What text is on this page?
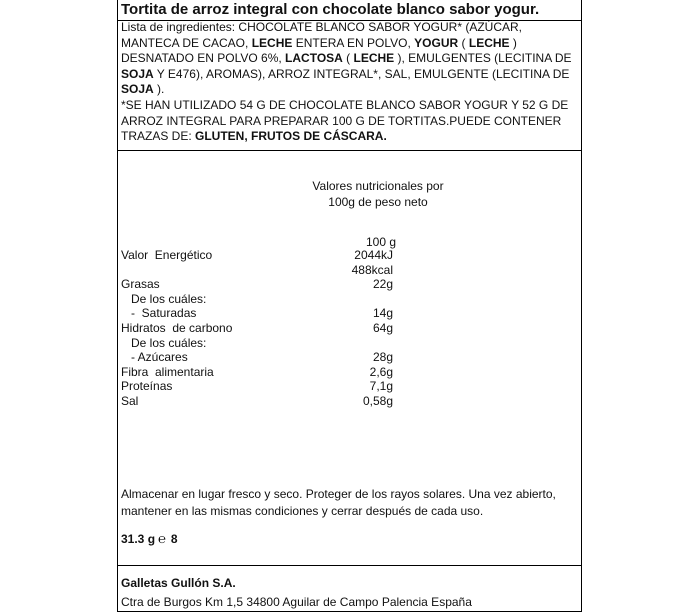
Tortita de arroz integral con chocolate blanco sabor yogur.
Lista de ingredientes: CHOCOLATE BLANCO SABOR YOGUR* (AZÚCAR, MANTECA DE CACAO, LECHE ENTERA EN POLVO, YOGUR ( LECHE ) DESNATADO EN POLVO 6%, LACTOSA ( LECHE ), EMULGENTES (LECITINA DE SOJA Y E476), AROMAS), ARROZ INTEGRAL*, SAL, EMULGENTE (LECITINA DE SOJA ).
*SE HAN UTILIZADO 54 G DE CHOCOLATE BLANCO SABOR YOGUR Y 52 G DE ARROZ INTEGRAL PARA PREPARAR 100 G DE TORTITAS.PUEDE CONTENER TRAZAS DE: GLUTEN, FRUTOS DE CÁSCARA.
Valores nutricionales por 100g de peso neto
100 g
Valor  Energético	2044kJ
488kcal
Grasas	22g
De los cuáles:
-  Saturadas	14g
Hidratos  de carbono	64g
De los cuáles:
- Azúcares	28g
Fibra  alimentaria	2,6g
Proteínas	7,1g
Sal	0,58g
Almacenar en lugar fresco y seco. Proteger de los rayos solares. Una vez abierto, mantener en las mismas condiciones y cerrar después de cada uso.
31.3 g ℮ 8
Galletas Gullón S.A.
Ctra de Burgos Km 1,5 34800 Aguilar de Campo Palencia España
